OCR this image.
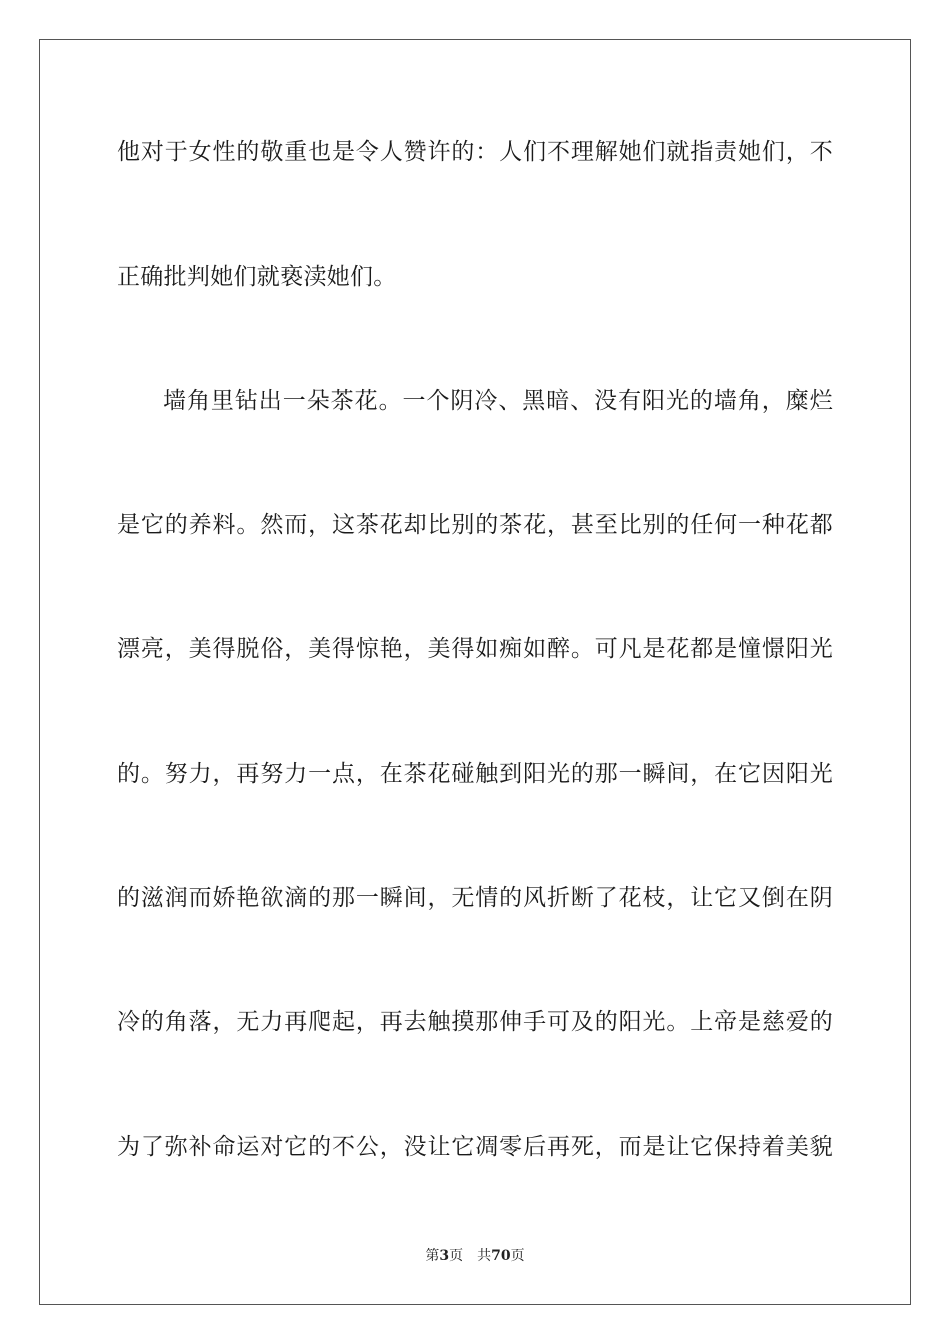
他对于女性的敬重也是令人赞许的：人们不理解她们就指责她们，不
正确批判她们就亵渎她们。
墙角里钻出一朵茶花。一个阴冷、黑暗、没有阳光的墙角，糜烂
是它的养料。然而，这茶花却比别的茶花，甚至比别的任何一种花都
漂亮，美得脱俗，美得惊艳，美得如痴如醉。可凡是花都是憧憬阳光
的。努力，再努力一点，在茶花碰触到阳光的那一瞬间，在它因阳光
的滋润而娇艳欲滴的那一瞬间，无情的风折断了花枝，让它又倒在阴
冷的角落，无力再爬起，再去触摸那伸手可及的阳光。上帝是慈爱的
为了弥补命运对它的不公，没让它凋零后再死，而是让它保持着美貌
第3页 共70页
